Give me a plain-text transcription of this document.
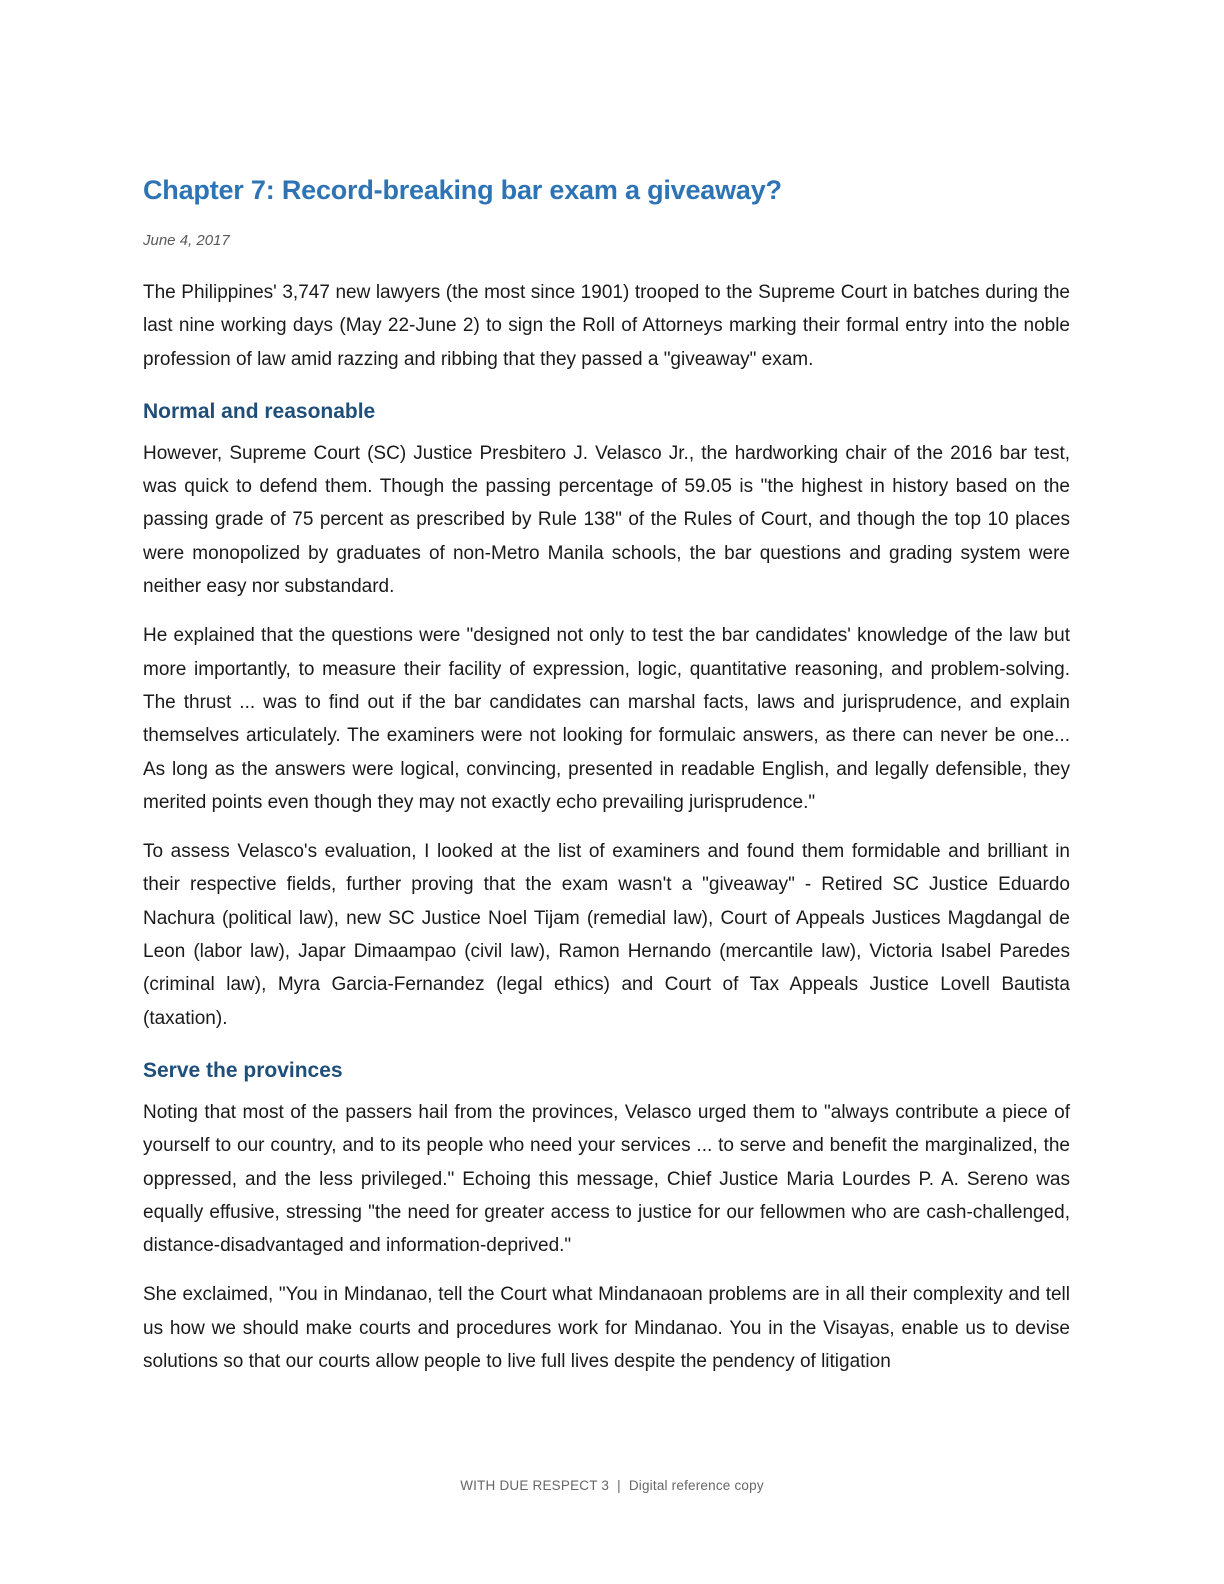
Chapter 7: Record-breaking bar exam a giveaway?
June 4, 2017

The Philippines' 3,747 new lawyers (the most since 1901) trooped to the Supreme Court in batches during the last nine working days (May 22-June 2) to sign the Roll of Attorneys marking their formal entry into the noble profession of law amid razzing and ribbing that they passed a "giveaway" exam.

Normal and reasonable

However, Supreme Court (SC) Justice Presbitero J. Velasco Jr., the hardworking chair of the 2016 bar test, was quick to defend them. Though the passing percentage of 59.05 is "the highest in history based on the passing grade of 75 percent as prescribed by Rule 138" of the Rules of Court, and though the top 10 places were monopolized by graduates of non-Metro Manila schools, the bar questions and grading system were neither easy nor substandard.

He explained that the questions were "designed not only to test the bar candidates' knowledge of the law but more importantly, to measure their facility of expression, logic, quantitative reasoning, and problem-solving. The thrust ... was to find out if the bar candidates can marshal facts, laws and jurisprudence, and explain themselves articulately. The examiners were not looking for formulaic answers, as there can never be one... As long as the answers were logical, convincing, presented in readable English, and legally defensible, they merited points even though they may not exactly echo prevailing jurisprudence."

To assess Velasco's evaluation, I looked at the list of examiners and found them formidable and brilliant in their respective fields, further proving that the exam wasn't a "giveaway" - Retired SC Justice Eduardo Nachura (political law), new SC Justice Noel Tijam (remedial law), Court of Appeals Justices Magdangal de Leon (labor law), Japar Dimaampao (civil law), Ramon Hernando (mercantile law), Victoria Isabel Paredes (criminal law), Myra Garcia-Fernandez (legal ethics) and Court of Tax Appeals Justice Lovell Bautista (taxation).

Serve the provinces

Noting that most of the passers hail from the provinces, Velasco urged them to "always contribute a piece of yourself to our country, and to its people who need your services ... to serve and benefit the marginalized, the oppressed, and the less privileged." Echoing this message, Chief Justice Maria Lourdes P. A. Sereno was equally effusive, stressing "the need for greater access to justice for our fellowmen who are cash-challenged, distance-disadvantaged and information-deprived."

She exclaimed, "You in Mindanao, tell the Court what Mindanaoan problems are in all their complexity and tell us how we should make courts and procedures work for Mindanao. You in the Visayas, enable us to devise solutions so that our courts allow people to live full lives despite the pendency of litigation

WITH DUE RESPECT 3 | Digital reference copy
